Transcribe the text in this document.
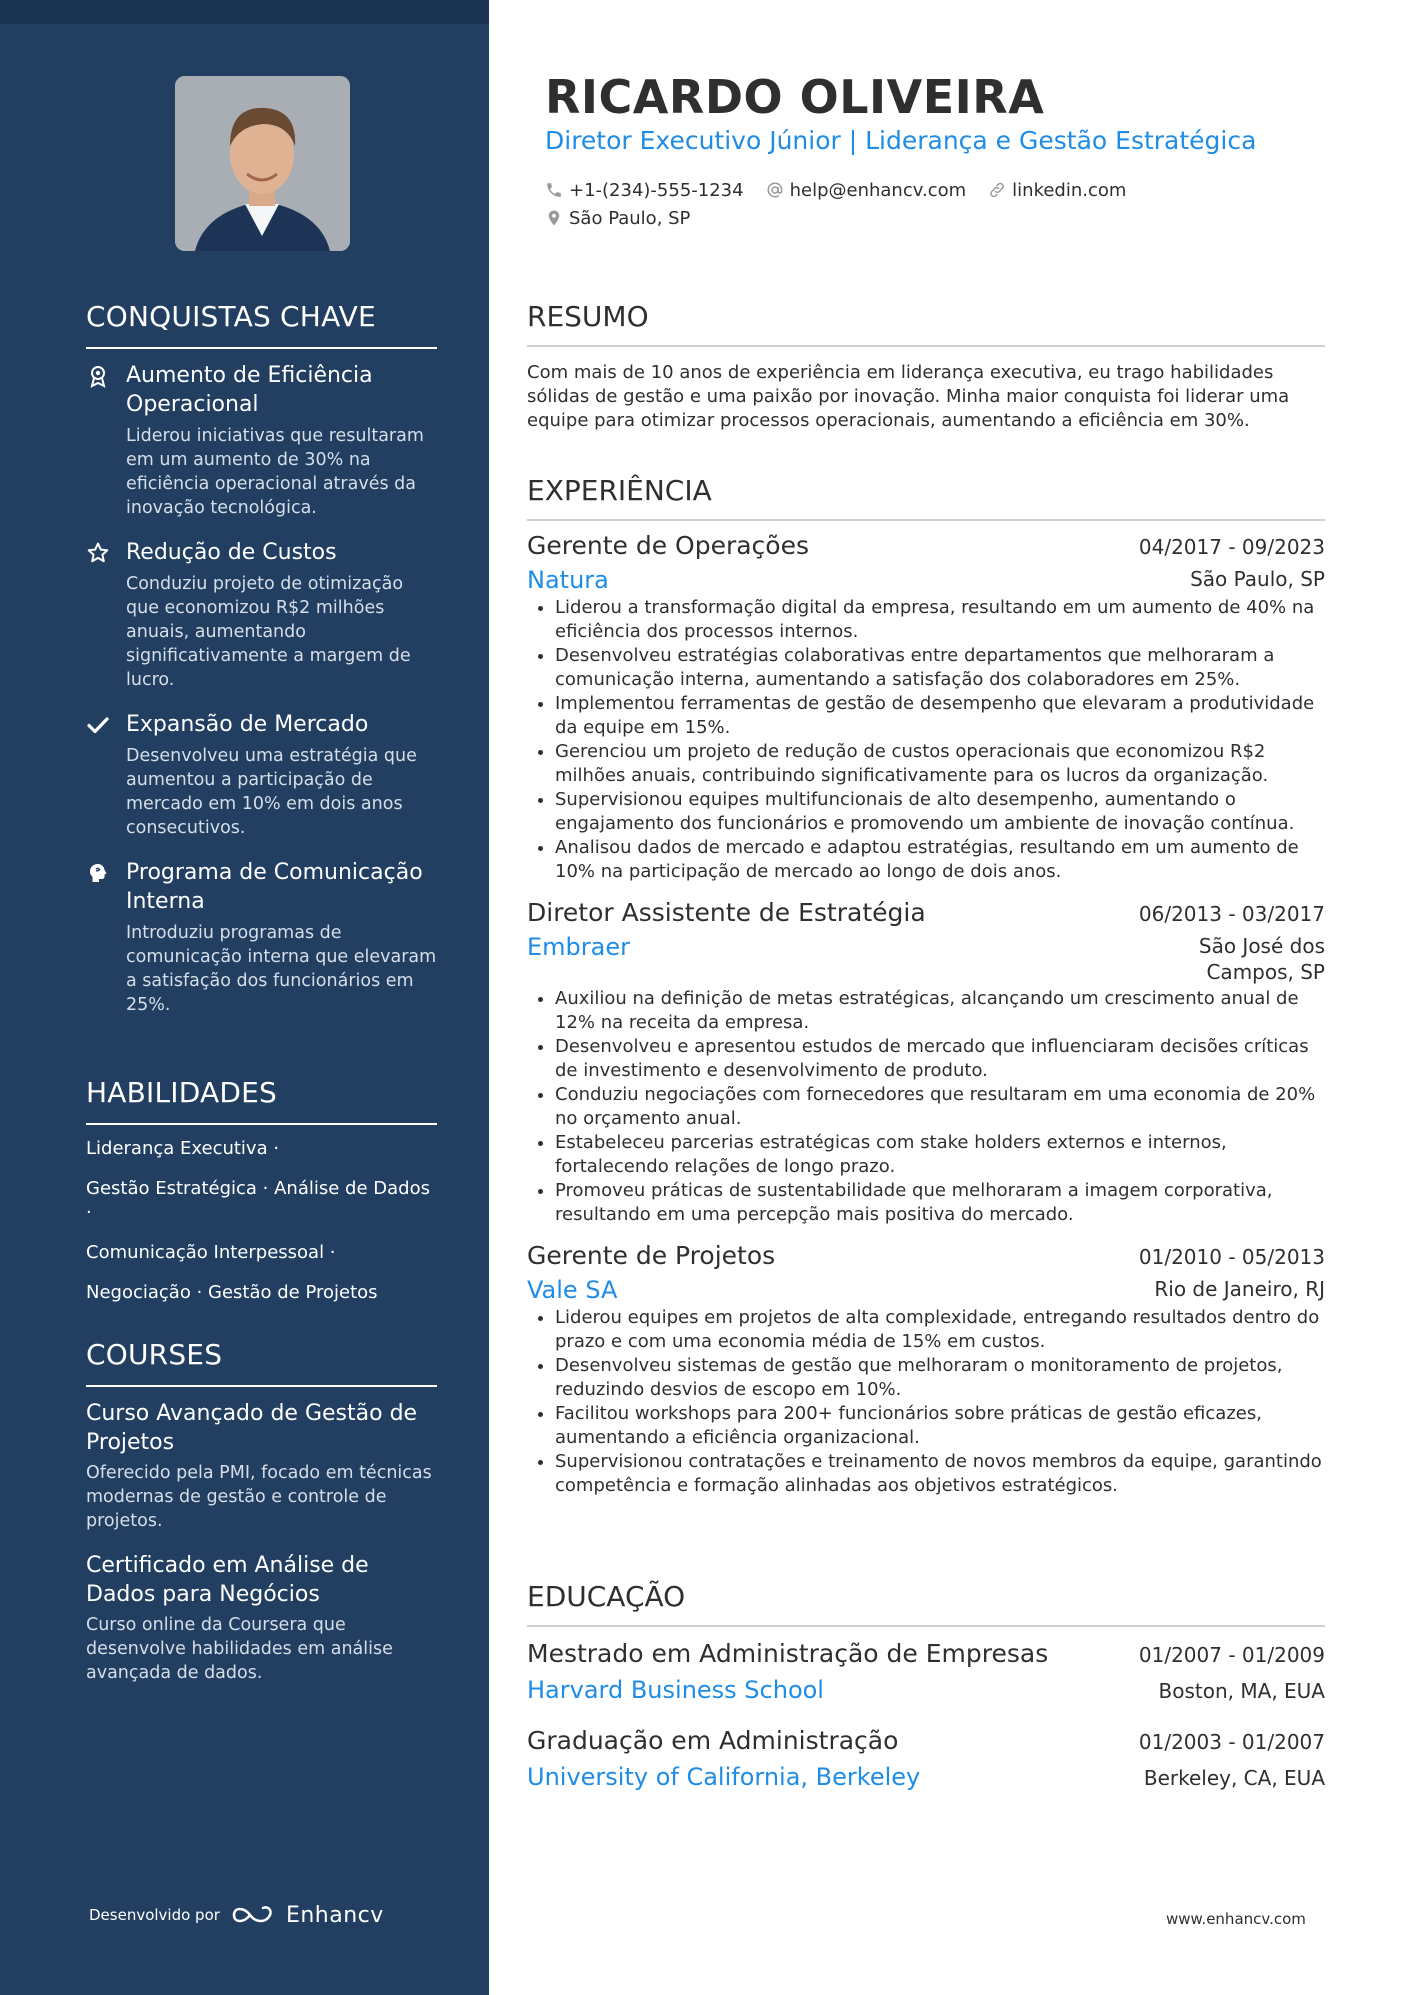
CONQUISTAS CHAVE
Aumento de Eficiência Operacional
Liderou iniciativas que resultaram em um aumento de 30% na eficiência operacional através da inovação tecnológica.
Redução de Custos
Conduziu projeto de otimização que economizou R$2 milhões anuais, aumentando significativamente a margem de lucro.
Expansão de Mercado
Desenvolveu uma estratégia que aumentou a participação de mercado em 10% em dois anos consecutivos.
Programa de Comunicação Interna
Introduziu programas de comunicação interna que elevaram a satisfação dos funcionários em 25%.
HABILIDADES
Liderança Executiva ·
Gestão Estratégica · Análise de Dados ·
Comunicação Interpessoal ·
Negociação · Gestão de Projetos
COURSES
Curso Avançado de Gestão de Projetos
Oferecido pela PMI, focado em técnicas modernas de gestão e controle de projetos.
Certificado em Análise de Dados para Negócios
Curso online da Coursera que desenvolve habilidades em análise avançada de dados.
Desenvolvido por	Enhancv
RICARDO OLIVEIRA
Diretor Executivo Júnior | Liderança e Gestão Estratégica
+1-(234)-555-1234	help@enhancv.com	linkedin.com
São Paulo, SP
RESUMO
Com mais de 10 anos de experiência em liderança executiva, eu trago habilidades sólidas de gestão e uma paixão por inovação. Minha maior conquista foi liderar uma equipe para otimizar processos operacionais, aumentando a eficiência em 30%.
EXPERIÊNCIA
Gerente de Operações	04/2017 - 09/2023
Natura	São Paulo, SP
• Liderou a transformação digital da empresa, resultando em um aumento de 40% na eficiência dos processos internos.
• Desenvolveu estratégias colaborativas entre departamentos que melhoraram a comunicação interna, aumentando a satisfação dos colaboradores em 25%.
• Implementou ferramentas de gestão de desempenho que elevaram a produtividade da equipe em 15%.
• Gerenciou um projeto de redução de custos operacionais que economizou R$2 milhões anuais, contribuindo significativamente para os lucros da organização.
• Supervisionou equipes multifuncionais de alto desempenho, aumentando o engajamento dos funcionários e promovendo um ambiente de inovação contínua.
• Analisou dados de mercado e adaptou estratégias, resultando em um aumento de 10% na participação de mercado ao longo de dois anos.
Diretor Assistente de Estratégia	06/2013 - 03/2017
Embraer	São José dos Campos, SP
• Auxiliou na definição de metas estratégicas, alcançando um crescimento anual de 12% na receita da empresa.
• Desenvolveu e apresentou estudos de mercado que influenciaram decisões críticas de investimento e desenvolvimento de produto.
• Conduziu negociações com fornecedores que resultaram em uma economia de 20% no orçamento anual.
• Estabeleceu parcerias estratégicas com stake holders externos e internos, fortalecendo relações de longo prazo.
• Promoveu práticas de sustentabilidade que melhoraram a imagem corporativa, resultando em uma percepção mais positiva do mercado.
Gerente de Projetos	01/2010 - 05/2013
Vale SA	Rio de Janeiro, RJ
• Liderou equipes em projetos de alta complexidade, entregando resultados dentro do prazo e com uma economia média de 15% em custos.
• Desenvolveu sistemas de gestão que melhoraram o monitoramento de projetos, reduzindo desvios de escopo em 10%.
• Facilitou workshops para 200+ funcionários sobre práticas de gestão eficazes, aumentando a eficiência organizacional.
• Supervisionou contratações e treinamento de novos membros da equipe, garantindo competência e formação alinhadas aos objetivos estratégicos.
EDUCAÇÃO
Mestrado em Administração de Empresas	01/2007 - 01/2009
Harvard Business School	Boston, MA, EUA
Graduação em Administração	01/2003 - 01/2007
University of California, Berkeley	Berkeley, CA, EUA
www.enhancv.com
